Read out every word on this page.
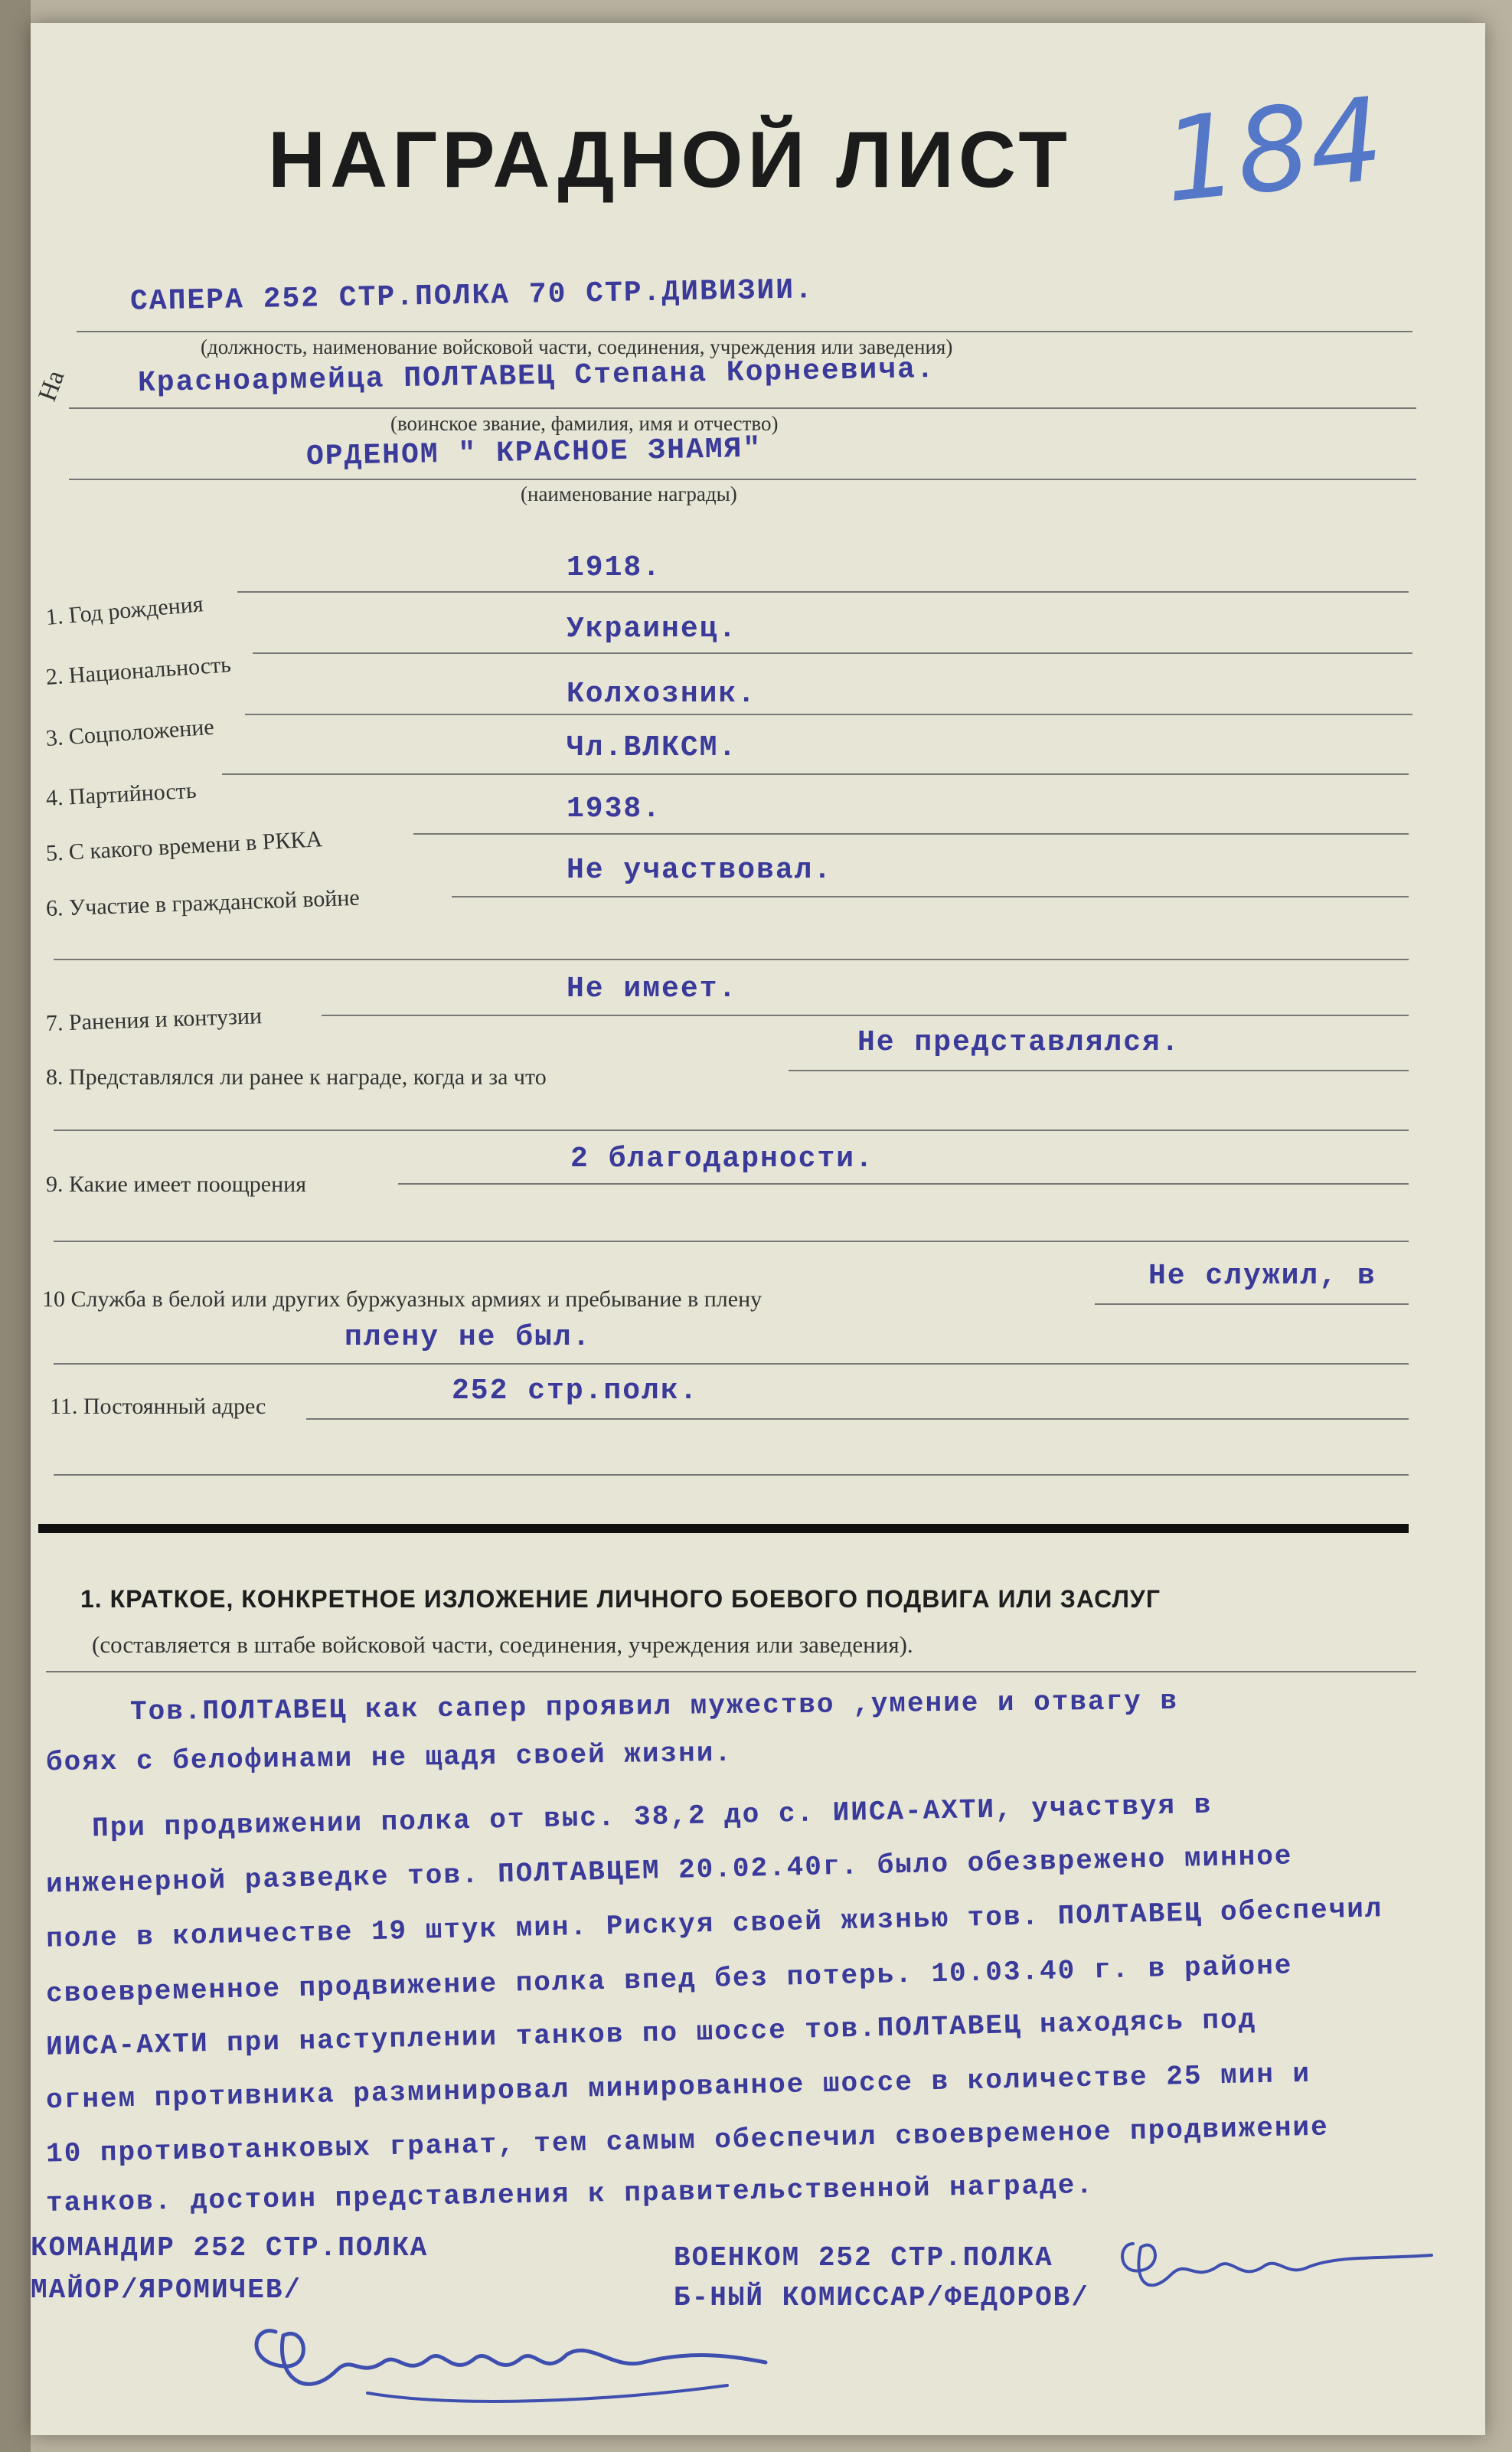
НАГРАДНОЙ ЛИСТ 184
На
САПЕРА 252 СТР.ПОЛКА 70 СТР.ДИВИЗИИ.
(должность, наименование войсковой части, соединения, учреждения или заведения)
Красноармейца ПОЛТАВЕЦ Степана Корнеевича.
(воинское звание, фамилия, имя и отчество)
ОРДЕНОМ " КРАСНОЕ ЗНАМЯ"
(наименование награды)
1. Год рождения
1918.
2. Национальность
Украинец.
3. Соцположение
Колхозник.
4. Партийность
Чл.ВЛКСМ.
5. С какого времени в РККА
1938.
6. Участие в гражданской войне
Не участвовал.
7. Ранения и контузии
Не имеет.
8. Представлялся ли ранее к награде, когда и за что
Не представлялся.
9. Какие имеет поощрения
2 благодарности.
10 Служба в белой или других буржуазных армиях и пребывание в плену
Не служил, в
плену не был.
11. Постоянный адрес	252 стр.полк.
1. КРАТКОЕ, КОНКРЕТНОЕ ИЗЛОЖЕНИЕ ЛИЧНОГО БОЕВОГО ПОДВИГА ИЛИ ЗАСЛУГ
(составляется в штабе войсковой части, соединения, учреждения или заведения).
Тов.ПОЛТАВЕЦ как сапер проявил мужество ,умение и отвагу в
боях с белофинами не щадя своей жизни.
При продвижении полка от выс. 38,2 до с. ИИСА-АХТИ, участвуя в
инженерной разведке тов. ПОЛТАВЦЕМ 20.02.40г. было обезврежено минное
поле в количестве 19 штук мин. Рискуя своей жизнью тов. ПОЛТАВЕЦ обеспечил
своевременное продвижение полка впед без потерь. 10.03.40 г. в районе
ИИСА-АХТИ при наступлении танков по шоссе тов.ПОЛТАВЕЦ находясь под
огнем противника разминировал минированное шоссе в количестве 25 мин и
10 противотанковых гранат, тем самым обеспечил своевременое продвижение
танков. достоин представления к правительственной награде.
КОМАНДИР 252 СТР.ПОЛКА
МАЙОР/ЯРОМИЧЕВ/
ВОЕНКОМ 252 СТР.ПОЛКА
Б-НЫЙ КОМИССАР/ФЕДОРОВ/
